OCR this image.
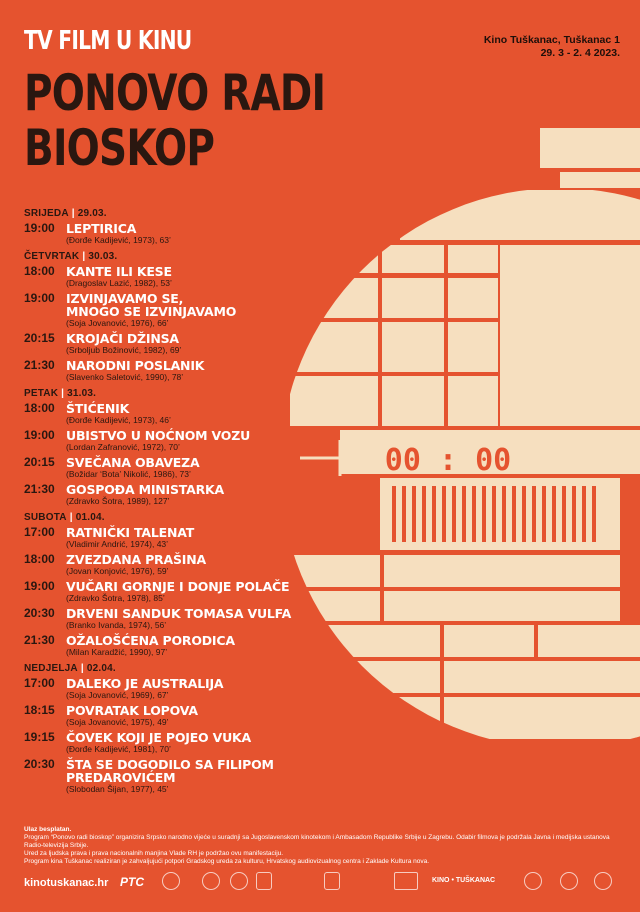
00 : 00
TV FILM U KINU
PONOVO RADI
BIOSKOP
Kino Tuškanac, Tuškanac 1
29. 3 - 2. 4 2023.
SRIJEDA | 29.03.
19:00 LEPTIRICA
(Đorđe Kadijević, 1973), 63’
ČETVRTAK | 30.03.
18:00 KANTE ILI KESE
(Dragoslav Lazić, 1982), 53’
19:00 IZVINJAVAMO SE,
MNOGO SE IZVINJAVAMO
(Soja Jovanović, 1976), 66’
20:15 KROJAČI DŽINSA
(Srboljub Božinović, 1982), 69’
21:30 NARODNI POSLANIK
(Slavenko Saletović, 1990), 78’
PETAK | 31.03.
18:00 ŠTIĆENIK
(Đorđe Kadijević, 1973), 46’
19:00 UBISTVO U NOĆNOM VOZU
(Lordan Zafranović, 1972), 70’
20:15 SVEČANA OBAVEZA
(Božidar ‘Bota’ Nikolić, 1986), 73’
21:30 GOSPOĐA MINISTARKA
(Zdravko Šotra, 1989), 127’
SUBOTA | 01.04.
17:00 RATNIČKI TALENAT
(Vladimir Andrić, 1974), 43’
18:00 ZVEZDANA PRAŠINA
(Jovan Konjović, 1976), 59’
19:00 VUČARI GORNJE I DONJE POLAČE
(Zdravko Šotra, 1978), 85’
20:30 DRVENI SANDUK TOMASA VULFA
(Branko Ivanda, 1974), 56’
21:30 OŽALOŠĆENA PORODICA
(Milan Karadžić, 1990), 97’
NEDJELJA | 02.04.
17:00 DALEKO JE AUSTRALIJA
(Soja Jovanović, 1969), 67’
18:15 POVRATAK LOPOVA
(Soja Jovanović, 1975), 49’
19:15 ČOVEK KOJI JE POJEO VUKA
(Đorđe Kadijević, 1981), 70’
20:30 ŠTA SE DOGODILO SA FILIPOM PREDAROVIĆEM
(Slobodan Šijan, 1977), 45’
Ulaz besplatan.
Program “Ponovo radi bioskop” organizira Srpsko narodno vijeće u suradnji sa Jugoslavenskom kinotekom i Ambasadom Republike Srbije u Zagrebu. Odabir filmova je podržala Javna i medijska ustanova Radio-televizija Srbije.
Ured za ljudska prava i prava nacionalnih manjina Vlade RH je podržao ovu manifestaciju.
Program kina Tuškanac realiziran je zahvaljujući potpori Gradskog ureda za kulturu, Hrvatskog audiovizualnog centra i Zaklade Kultura nova.
kinotuskanac.hr PTC	KINO • TUŠKANAC
